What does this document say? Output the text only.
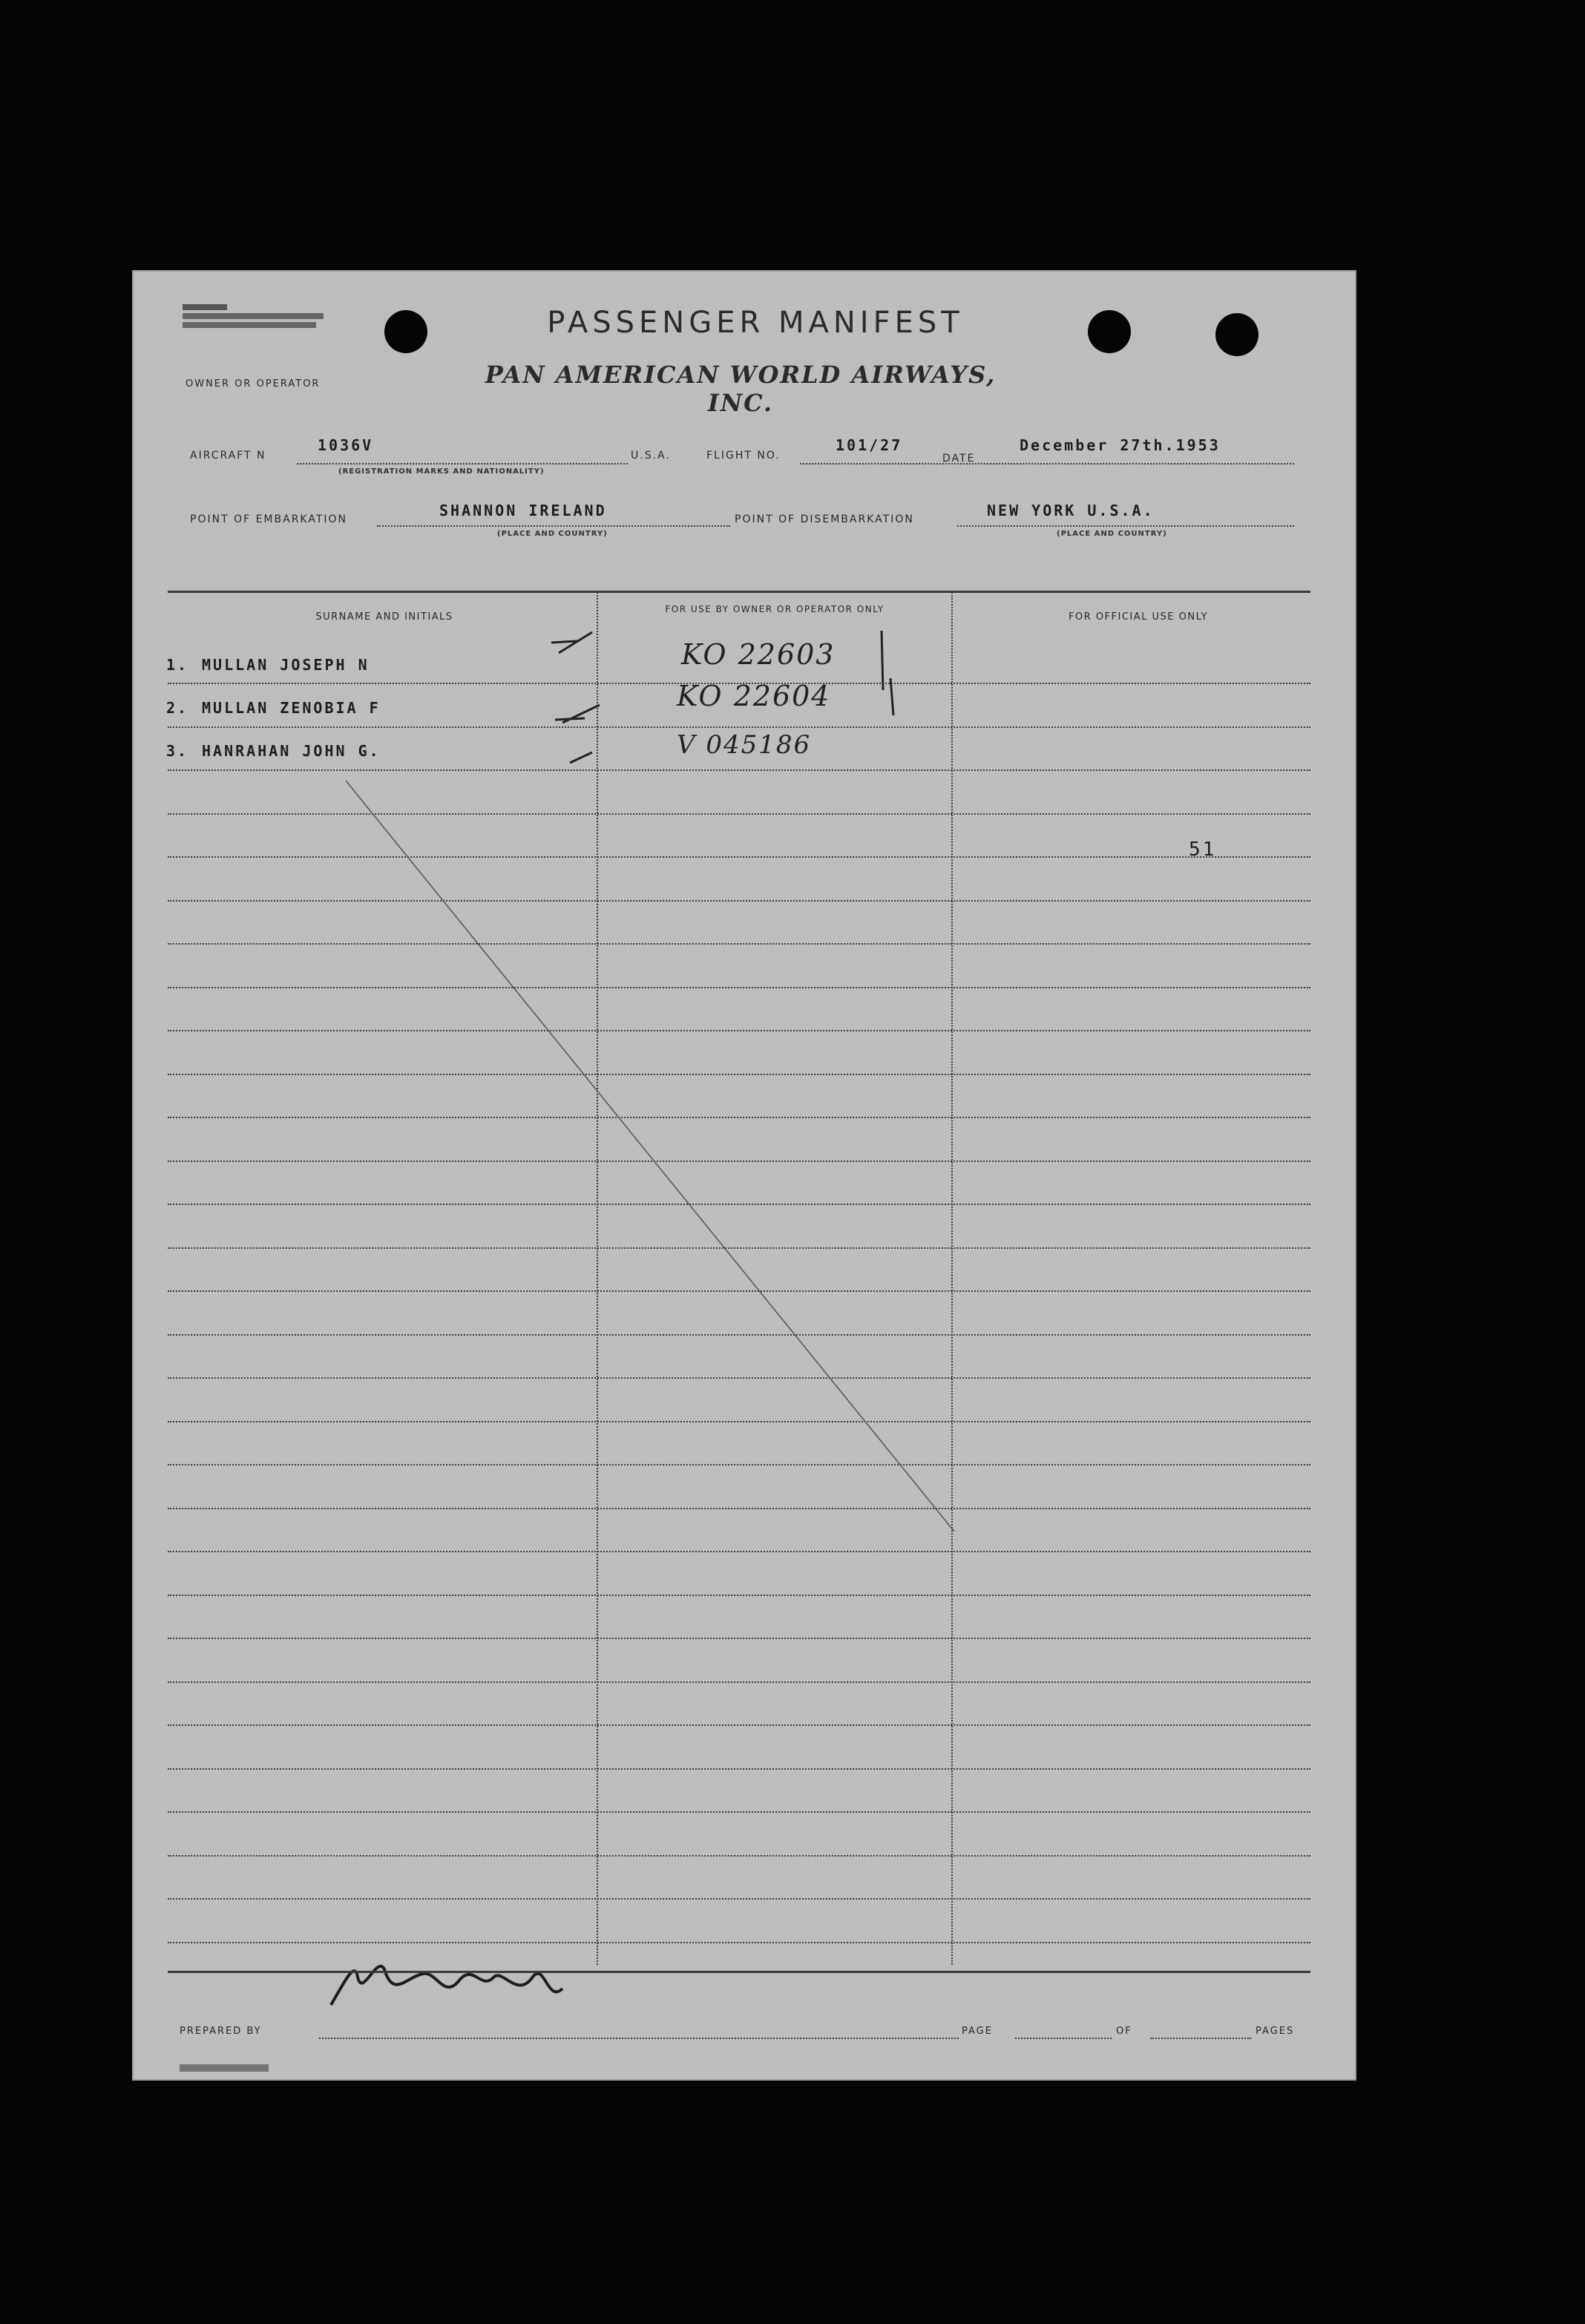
PASSENGER MANIFEST
PAN AMERICAN WORLD AIRWAYS, INC.
OWNER OR OPERATOR
AIRCRAFT N
1036V
(REGISTRATION MARKS AND NATIONALITY)
U.S.A.	FLIGHT NO.
101/27
DATE
December 27th.1953
POINT OF EMBARKATION	SHANNON IRELAND
(PLACE AND COUNTRY)
POINT OF DISEMBARKATION	NEW YORK U.S.A.
(PLACE AND COUNTRY)
SURNAME AND INITIALS
FOR USE BY OWNER OR OPERATOR ONLY
FOR OFFICIAL USE ONLY
1. MULLAN JOSEPH N	KO 22603
2. MULLAN ZENOBIA F	KO 22604
3. HANRAHAN JOHN G.	V 045186
51
PREPARED BY	PAGE	OF	PAGES
